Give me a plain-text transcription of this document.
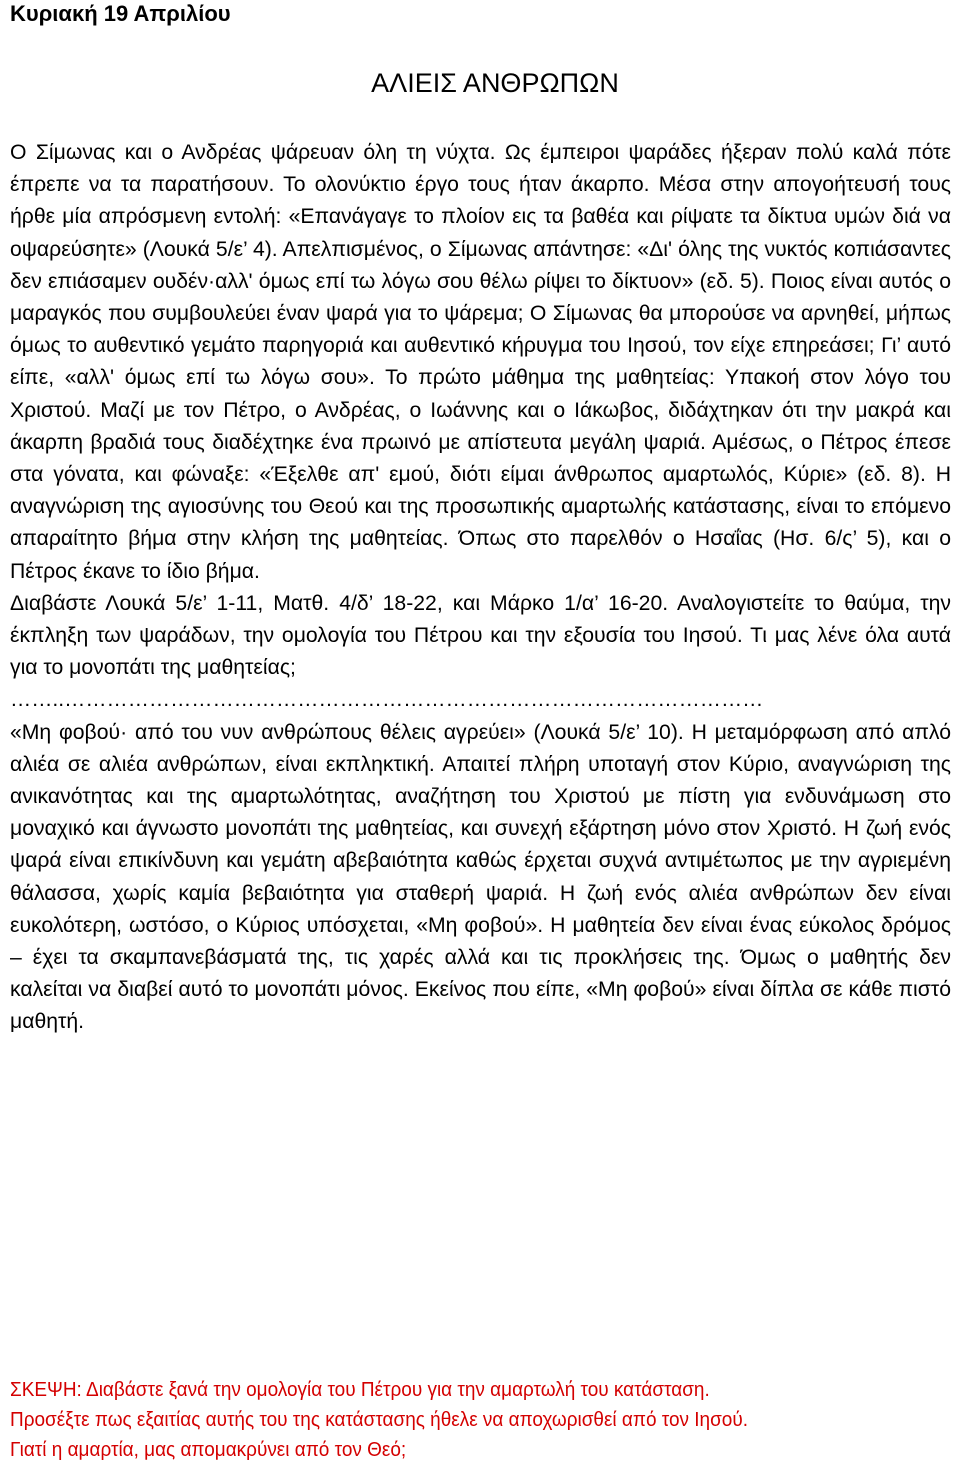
Κυριακή 19 Απριλίου
ΑΛΙΕΙΣ ΑΝΘΡΩΠΩΝ

Ο Σίμωνας και ο Ανδρέας ψάρευαν όλη τη νύχτα. Ως έμπειροι ψαράδες ήξεραν πολύ καλά πότε έπρεπε να τα παρατήσουν. Το ολονύκτιο έργο τους ήταν άκαρπο. Μέσα στην απογοήτευσή τους ήρθε μία απρόσμενη εντολή: «Επανάγαγε το πλοίον εις τα βαθέα και ρίψατε τα δίκτυα υμών διά να οψαρεύσητε» (Λουκά 5/ε’ 4). Απελπισμένος, ο Σίμωνας απάντησε: «Δι' όλης της νυκτός κοπιάσαντες δεν επιάσαμεν ουδέν·αλλ' όμως επί τω λόγω σου θέλω ρίψει το δίκτυον» (εδ. 5). Ποιος είναι αυτός ο μαραγκός που συμβουλεύει έναν ψαρά για το ψάρεμα; Ο Σίμωνας θα μπορούσε να αρνηθεί, μήπως όμως το αυθεντικό γεμάτο παρηγοριά και αυθεντικό κήρυγμα του Ιησού, τον είχε επηρεάσει; Γι’ αυτό είπε, «αλλ' όμως επί τω λόγω σου». Το πρώτο μάθημα της μαθητείας: Υπακοή στον λόγο του Χριστού. Μαζί με τον Πέτρο, ο Ανδρέας, ο Ιωάννης και ο Ιάκωβος, διδάχτηκαν ότι την μακρά και άκαρπη βραδιά τους διαδέχτηκε ένα πρωινό με απίστευτα μεγάλη ψαριά. Αμέσως, ο Πέτρος έπεσε στα γόνατα, και φώναξε: «Έξελθε απ' εμού, διότι είμαι άνθρωπος αμαρτωλός, Κύριε» (εδ. 8). Η αναγνώριση της αγιοσύνης του Θεού και της προσωπικής αμαρτωλής κατάστασης, είναι το επόμενο απαραίτητο βήμα στην κλήση της μαθητείας. Όπως στο παρελθόν ο Ησαΐας (Ησ. 6/ς’ 5), και ο Πέτρος έκανε το ίδιο βήμα.

Διαβάστε Λουκά 5/ε’ 1-11, Ματθ. 4/δ’ 18-22, και Μάρκο 1/α’ 16-20. Αναλογιστείτε το θαύμα, την έκπληξη των ψαράδων, την ομολογία του Πέτρου και την εξουσία του Ιησού. Τι μας λένε όλα αυτά για το μονοπάτι της μαθητείας;

……..………………………………………………………………………………………

«Μη φοβού· από του νυν ανθρώπους θέλεις αγρεύει» (Λουκά 5/ε’ 10). Η μεταμόρφωση από απλό αλιέα σε αλιέα ανθρώπων, είναι εκπληκτική. Απαιτεί πλήρη υποταγή στον Κύριο, αναγνώριση της ανικανότητας και της αμαρτωλότητας, αναζήτηση του Χριστού με πίστη για ενδυνάμωση στο μοναχικό και άγνωστο μονοπάτι της μαθητείας, και συνεχή εξάρτηση μόνο στον Χριστό. Η ζωή ενός ψαρά είναι επικίνδυνη και γεμάτη αβεβαιότητα καθώς έρχεται συχνά αντιμέτωπος με την αγριεμένη θάλασσα, χωρίς καμία βεβαιότητα για σταθερή ψαριά. Η ζωή ενός αλιέα ανθρώπων δεν είναι ευκολότερη, ωστόσο, ο Κύριος υπόσχεται, «Μη φοβού». Η μαθητεία δεν είναι ένας εύκολος δρόμος – έχει τα σκαμπανεβάσματά της, τις χαρές αλλά και τις προκλήσεις της. Όμως ο μαθητής δεν καλείται να διαβεί αυτό το μονοπάτι μόνος. Εκείνος που είπε, «Μη φοβού» είναι δίπλα σε κάθε πιστό μαθητή.

ΣΚΕΨΗ: Διαβάστε ξανά την ομολογία του Πέτρου για την αμαρτωλή του κατάσταση.

Προσέξτε πως εξαιτίας αυτής του της κατάστασης ήθελε να αποχωρισθεί από τον Ιησού.

Γιατί η αμαρτία, μας απομακρύνει από τον Θεό;
